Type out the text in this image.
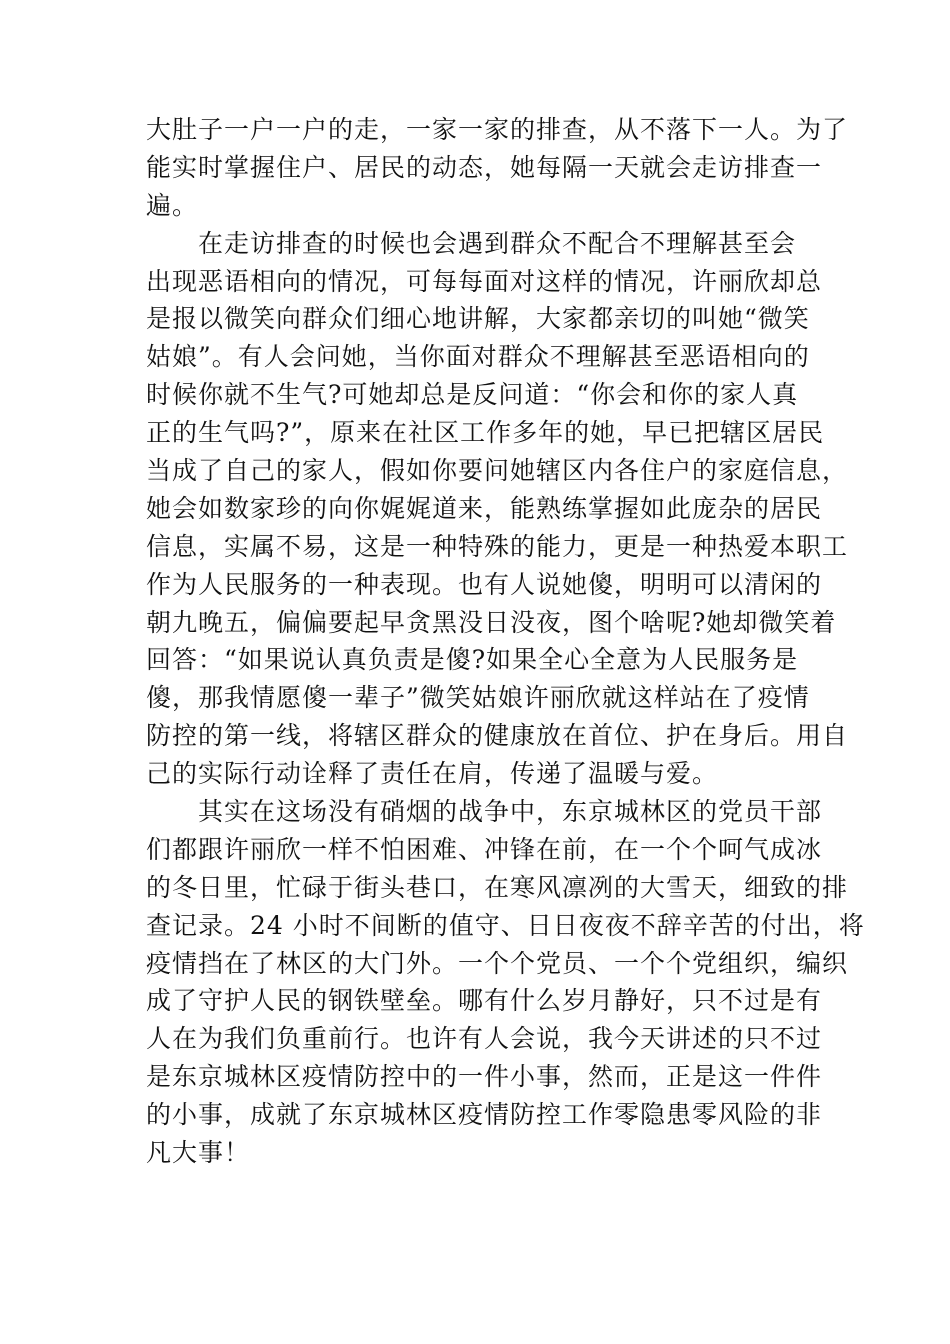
大肚子一户一户的走，一家一家的排查，从不落下一人。为了
能实时掌握住户、居民的动态，她每隔一天就会走访排查一
遍。
在走访排查的时候也会遇到群众不配合不理解甚至会
出现恶语相向的情况，可每每面对这样的情况，许丽欣却总
是报以微笑向群众们细心地讲解，大家都亲切的叫她“微笑
姑娘”。有人会问她，当你面对群众不理解甚至恶语相向的
时候你就不生气?可她却总是反问道：“你会和你的家人真
正的生气吗?”，原来在社区工作多年的她，早已把辖区居民
当成了自己的家人，假如你要问她辖区内各住户的家庭信息，
她会如数家珍的向你娓娓道来，能熟练掌握如此庞杂的居民
信息，实属不易，这是一种特殊的能力，更是一种热爱本职工
作为人民服务的一种表现。也有人说她傻，明明可以清闲的
朝九晚五，偏偏要起早贪黑没日没夜，图个啥呢?她却微笑着
回答：“如果说认真负责是傻?如果全心全意为人民服务是
傻，那我情愿傻一辈子”微笑姑娘许丽欣就这样站在了疫情
防控的第一线，将辖区群众的健康放在首位、护在身后。用自
己的实际行动诠释了责任在肩，传递了温暖与爱。
其实在这场没有硝烟的战争中，东京城林区的党员干部
们都跟许丽欣一样不怕困难、冲锋在前，在一个个呵气成冰
的冬日里，忙碌于街头巷口，在寒风凛冽的大雪天，细致的排
查记录。24 小时不间断的值守、日日夜夜不辞辛苦的付出，将
疫情挡在了林区的大门外。一个个党员、一个个党组织，编织
成了守护人民的钢铁壁垒。哪有什么岁月静好，只不过是有
人在为我们负重前行。也许有人会说，我今天讲述的只不过
是东京城林区疫情防控中的一件小事，然而，正是这一件件
的小事，成就了东京城林区疫情防控工作零隐患零风险的非
凡大事！
